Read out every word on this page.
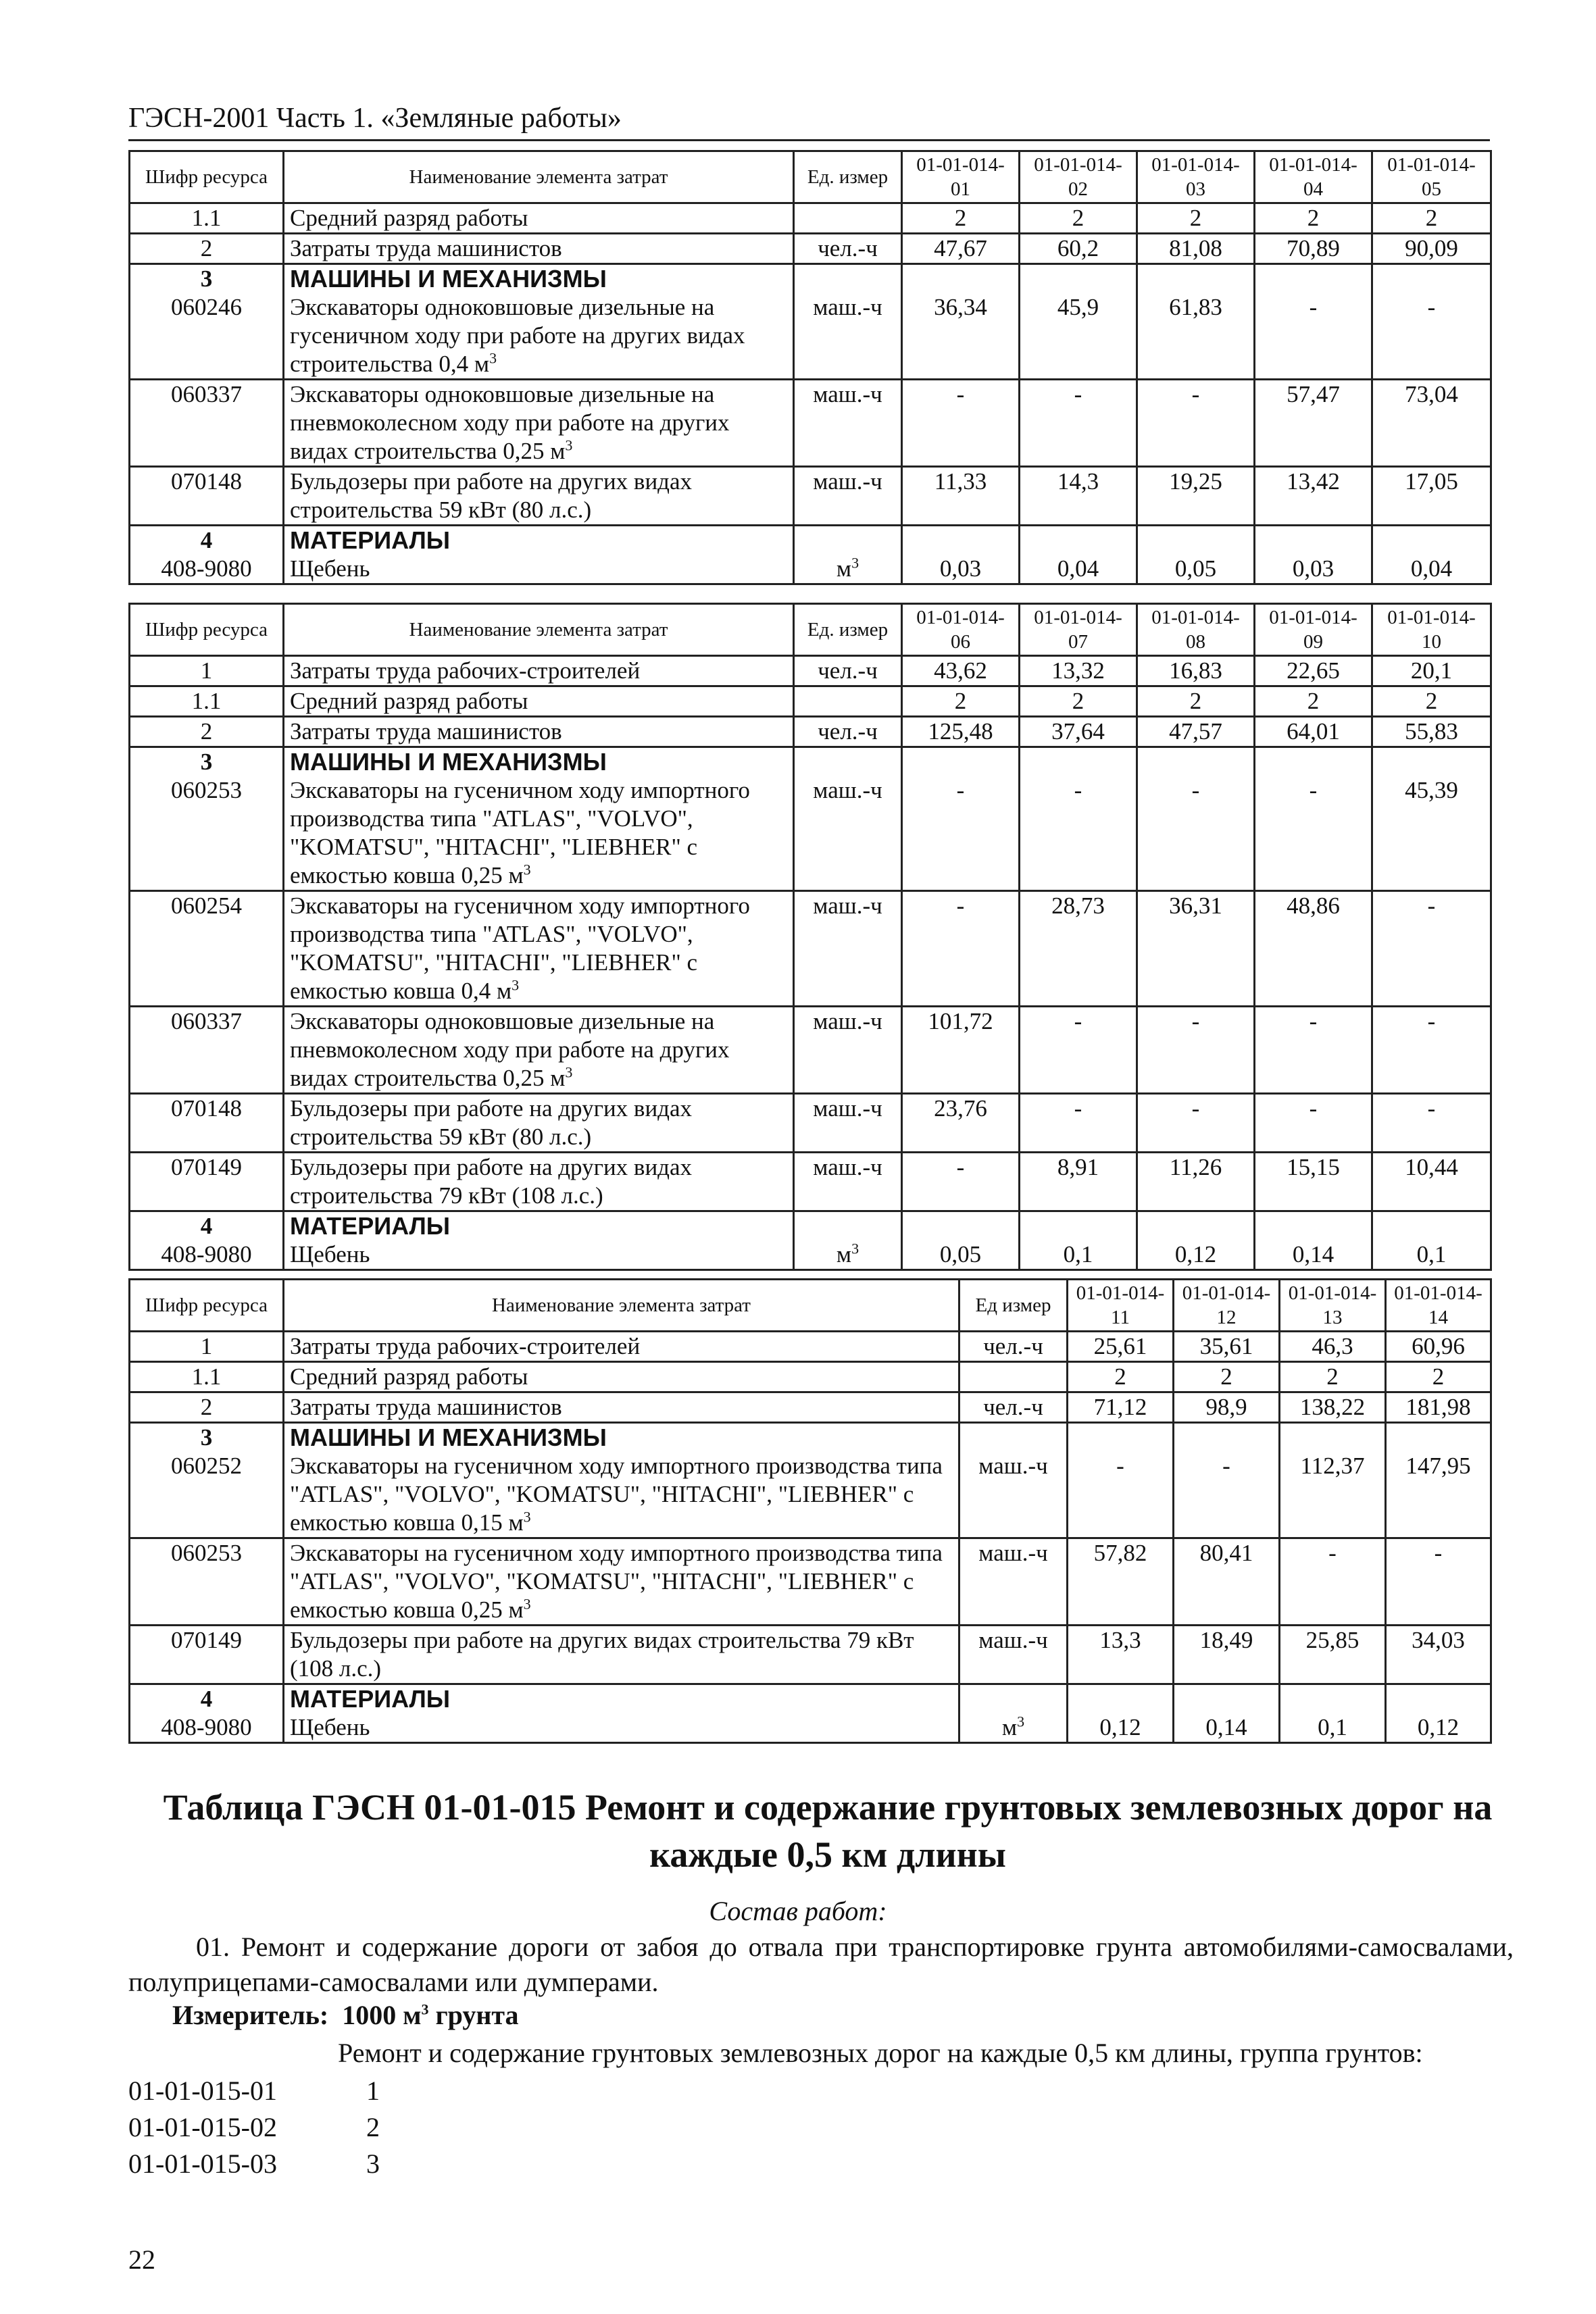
ГЭСН-2001 Часть 1. «Земляные работы»
Шифр ресурса	Наименование элемента затрат	Ед. измер	01-01-014-01	01-01-014-02	01-01-014-03	01-01-014-04	01-01-014-05
1.1	Средний разряд работы		2	2	2	2	2
2	Затраты труда машинистов	чел.-ч	47,67	60,2	81,08	70,89	90,09
3	МАШИНЫ И МЕХАНИЗМЫ						
060246	Экскаваторы одноковшовые дизельные на гусеничном ходу при работе на других видах строительства 0,4 $м^3$	маш.-ч	36,34	45,9	61,83	-	-
060337	Экскаваторы одноковшовые дизельные на пневмоколесном ходу при работе на других видах строительства 0,25 $м^3$	маш.-ч	-	-	-	57,47	73,04
070148	Бульдозеры при работе на других видах строительства 59 кВт (80 л.с.)	маш.-ч	11,33	14,3	19,25	13,42	17,05
4	МАТЕРИАЛЫ						
408-9080	Щебень	$м^3$	0,03	0,04	0,05	0,03	0,04
Шифр ресурса	Наименование элемента затрат	Ед. измер	01-01-014-06	01-01-014-07	01-01-014-08	01-01-014-09	01-01-014-10
1	Затраты труда рабочих-строителей	чел.-ч	43,62	13,32	16,83	22,65	20,1
1.1	Средний разряд работы		2	2	2	2	2
2	Затраты труда машинистов	чел.-ч	125,48	37,64	47,57	64,01	55,83
3	МАШИНЫ И МЕХАНИЗМЫ						
060253	Экскаваторы на гусеничном ходу импортного производства типа "ATLAS", "VOLVO", "KOMATSU", "HITACHI", "LIEBHER" с емкостью ковша 0,25 $м^3$	маш.-ч	-	-	-	-	45,39
060254	Экскаваторы на гусеничном ходу импортного производства типа "ATLAS", "VOLVO", "KOMATSU", "HITACHI", "LIEBHER" с емкостью ковша 0,4 $м^3$	маш.-ч	-	28,73	36,31	48,86	-
060337	Экскаваторы одноковшовые дизельные на пневмоколесном ходу при работе на других видах строительства 0,25 $м^3$	маш.-ч	101,72	-	-	-	-
070148	Бульдозеры при работе на других видах строительства 59 кВт (80 л.с.)	маш.-ч	23,76	-	-	-	-
070149	Бульдозеры при работе на других видах строительства 79 кВт (108 л.с.)	маш.-ч	-	8,91	11,26	15,15	10,44
4	МАТЕРИАЛЫ						
408-9080	Щебень	$м^3$	0,05	0,1	0,12	0,14	0,1
Шифр ресурса	Наименование элемента затрат	Ед измер	01-01-014-11	01-01-014-12	01-01-014-13	01-01-014-14
1	Затраты труда рабочих-строителей	чел.-ч	25,61	35,61	46,3	60,96
1.1	Средний разряд работы		2	2	2	2
2	Затраты труда машинистов	чел.-ч	71,12	98,9	138,22	181,98
3	МАШИНЫ И МЕХАНИЗМЫ					
060252	Экскаваторы на гусеничном ходу импортного производства типа "ATLAS", "VOLVO", "KOMATSU", "HITACHI", "LIEBHER" с емкостью ковша 0,15 $м^3$	маш.-ч	-	-	112,37	147,95
060253	Экскаваторы на гусеничном ходу импортного производства типа "ATLAS", "VOLVO", "KOMATSU", "HITACHI", "LIEBHER" с емкостью ковша 0,25 $м^3$	маш.-ч	57,82	80,41	-	-
070149	Бульдозеры при работе на других видах строительства 79 кВт (108 л.с.)	маш.-ч	13,3	18,49	25,85	34,03
4	МАТЕРИАЛЫ					
408-9080	Щебень	$м^3$	0,12	0,14	0,1	0,12
Таблица ГЭСН 01-01-015 Ремонт и содержание грунтовых землевозных дорог на каждые 0,5 км длины
Состав работ:
01. Ремонт и содержание дороги от забоя до отвала при транспортировке грунта автомобилями-самосвалами, полуприцепами-самосвалами или думперами.
Измеритель: 1000 $м^3$ грунта
Ремонт и содержание грунтовых землевозных дорог на каждые 0,5 км длины, группа грунтов:
01-01-015-01	1
01-01-015-02	2
01-01-015-03	3
22
